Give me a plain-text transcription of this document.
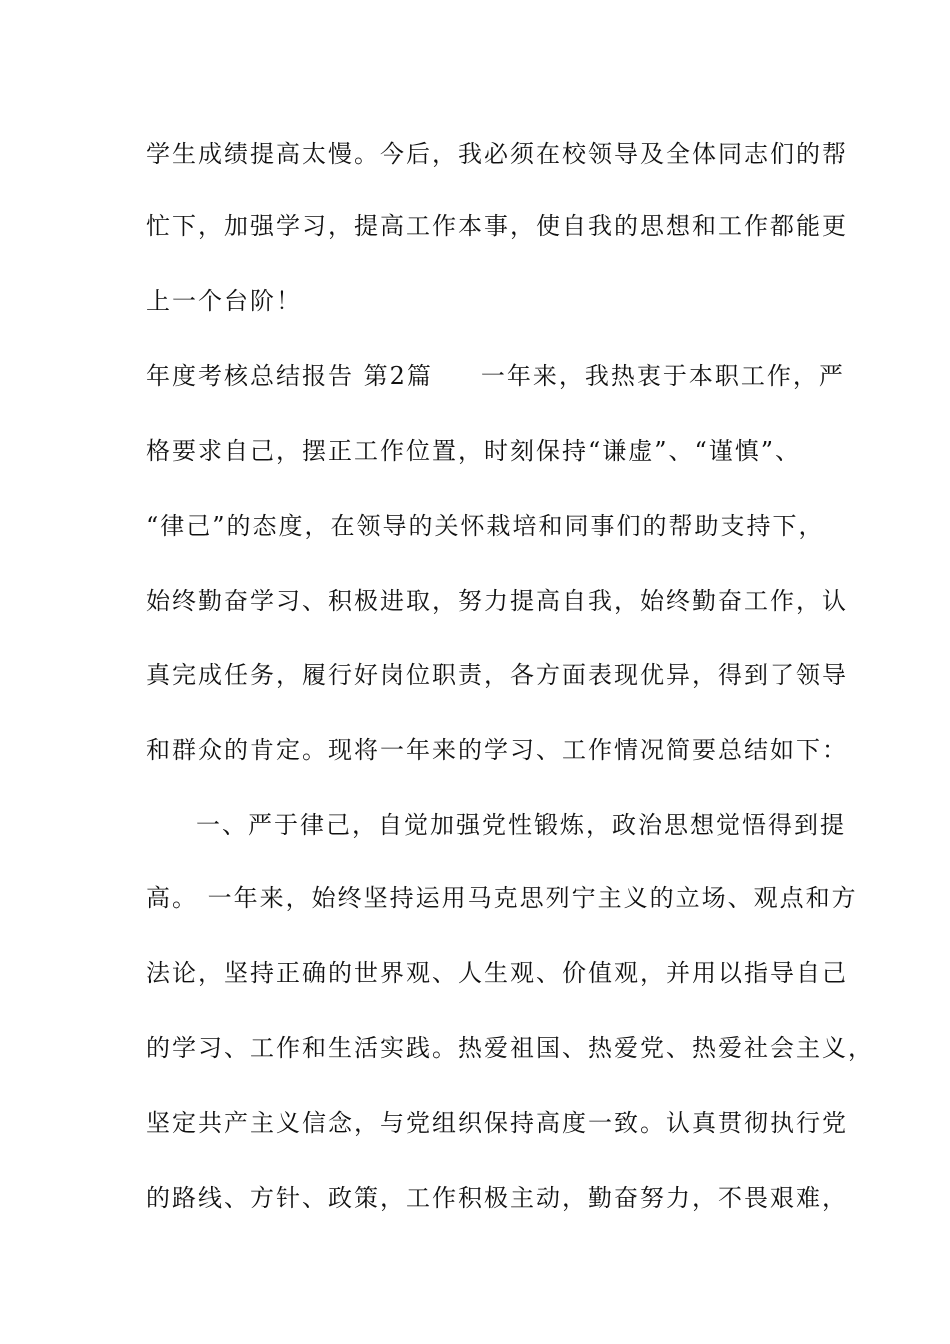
学生成绩提高太慢。今后，我必须在校领导及全体同志们的帮
忙下，加强学习，提高工作本事，使自我的思想和工作都能更
上一个台阶！
年度考核总结报告 第2篇 一年来，我热衷于本职工作，严
格要求自己，摆正工作位置，时刻保持“谦虚”、“谨慎”、
“律己”的态度，在领导的关怀栽培和同事们的帮助支持下，
始终勤奋学习、积极进取，努力提高自我，始终勤奋工作，认
真完成任务，履行好岗位职责，各方面表现优异，得到了领导
和群众的肯定。现将一年来的学习、工作情况简要总结如下：
一、严于律己，自觉加强党性锻炼，政治思想觉悟得到提
高。 一年来，始终坚持运用马克思列宁主义的立场、观点和方
法论，坚持正确的世界观、人生观、价值观，并用以指导自己
的学习、工作和生活实践。热爱祖国、热爱党、热爱社会主义，
坚定共产主义信念，与党组织保持高度一致。认真贯彻执行党
的路线、方针、政策，工作积极主动，勤奋努力，不畏艰难，
